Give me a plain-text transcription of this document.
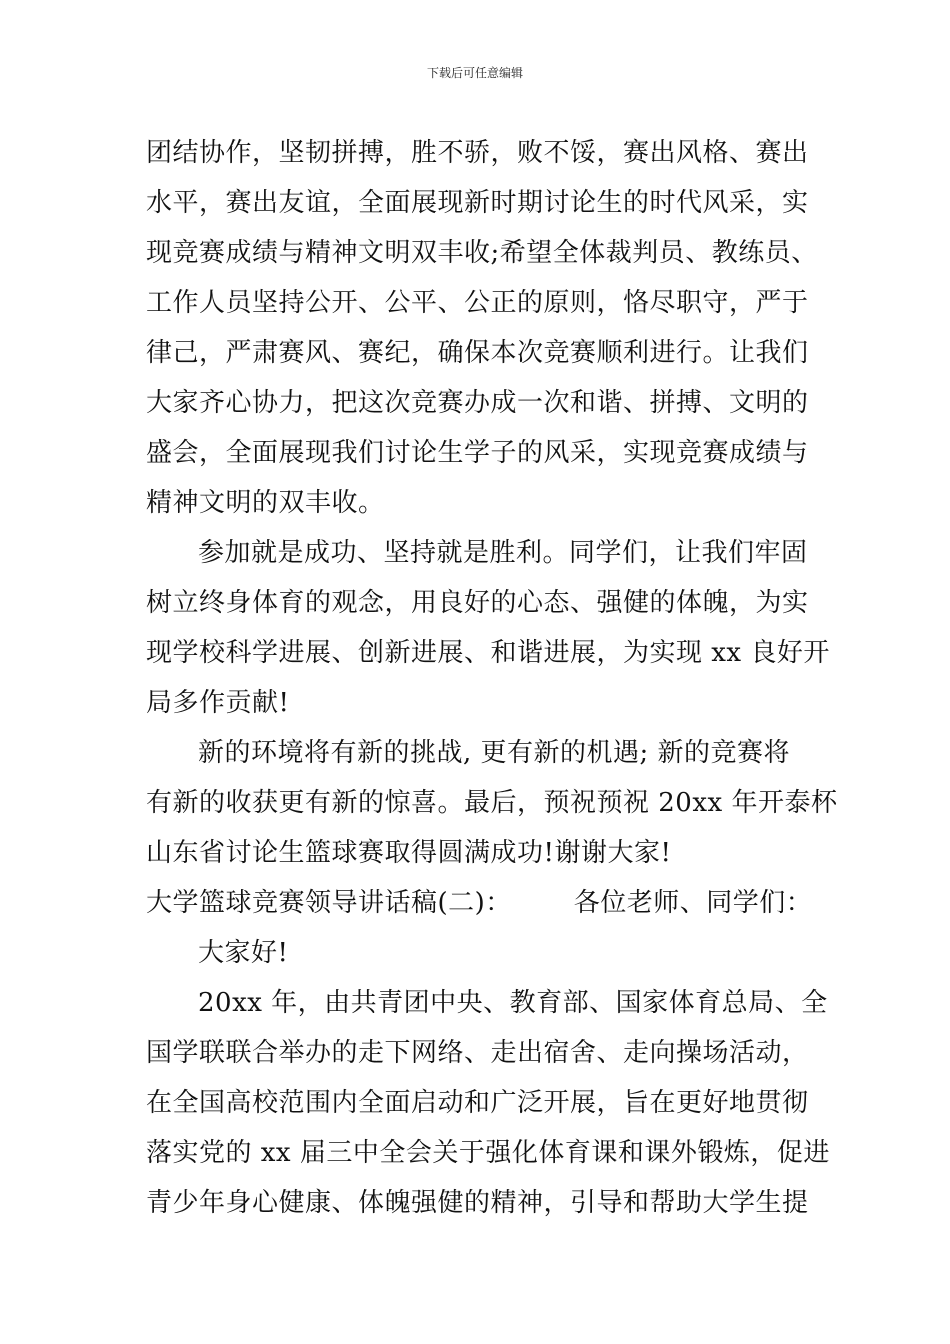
下载后可任意编辑
团结协作，坚韧拼搏，胜不骄，败不馁，赛出风格、赛出
水平，赛出友谊，全面展现新时期讨论生的时代风采，实
现竞赛成绩与精神文明双丰收;希望全体裁判员、教练员、
工作人员坚持公开、公平、公正的原则，恪尽职守，严于
律己，严肃赛风、赛纪，确保本次竞赛顺利进行。让我们
大家齐心协力，把这次竞赛办成一次和谐、拼搏、文明的
盛会，全面展现我们讨论生学子的风采，实现竞赛成绩与
精神文明的双丰收。
参加就是成功、坚持就是胜利。同学们，让我们牢固
树立终身体育的观念，用良好的心态、强健的体魄，为实
现学校科学进展、创新进展、和谐进展，为实现 xx 良好开
局多作贡献!
新的环境将有新的挑战, 更有新的机遇; 新的竞赛将
有新的收获更有新的惊喜。最后，预祝预祝 20xx 年开泰杯
山东省讨论生篮球赛取得圆满成功!谢谢大家!
大学篮球竞赛领导讲话稿(二)： 各位老师、同学们：
大家好!
20xx 年，由共青团中央、教育部、国家体育总局、全
国学联联合举办的走下网络、走出宿舍、走向操场活动，
在全国高校范围内全面启动和广泛开展，旨在更好地贯彻
落实党的 xx 届三中全会关于强化体育课和课外锻炼，促进
青少年身心健康、体魄强健的精神，引导和帮助大学生提
